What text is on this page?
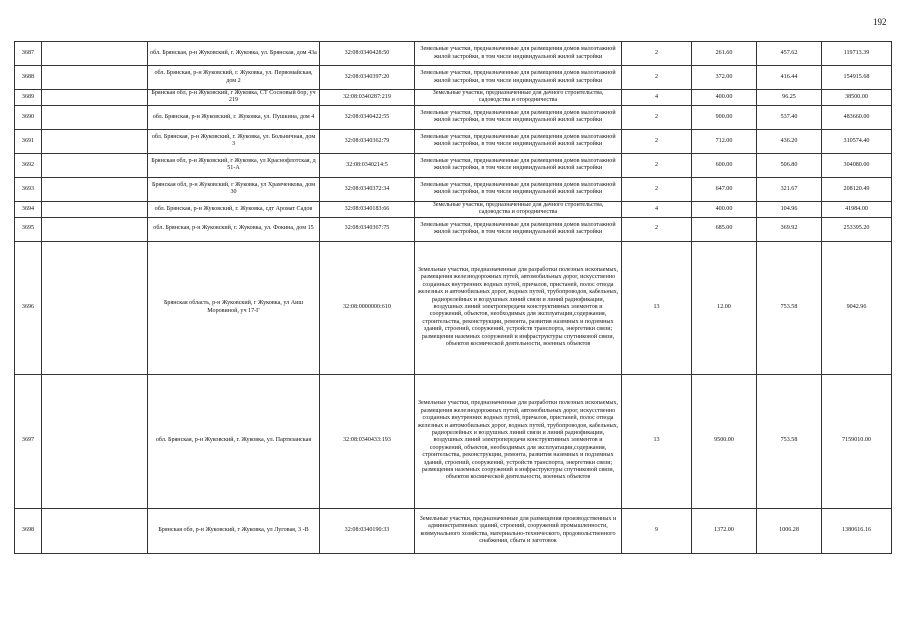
192
3687		обл. Брянская, р-н Жуковский, г. Жуковка, ул. Брянская, дом 43а	32:08:0340428:50	Земельные участки, предназначенные для размещения домов малоэтажной жилой застройки, в том числе индивидуальной жилой застройки	2	261.60	457.62	119713.39
3688		обл. Брянская, р-н Жуковский, г. Жуковка, ул. Первомайская, дом 2	32:08:0340397:20	Земельные участки, предназначенные для размещения домов малоэтажной жилой застройки, в том числе индивидуальной жилой застройки	2	372.00	416.44	154915.68
3689		Брянская обл, р-н Жуковский, г Жуковка, СТ Сосновый бор, уч 219	32:08:0340287:219	Земельные участки, предназначенные для дачного строительства, садоводства и огородничества	4	400.00	96.25	38500.00
3690		обл. Брянская, р-н Жуковский, г. Жуковка, ул. Пушкина, дом 4	32:08:0340422:55	Земельные участки, предназначенные для размещения домов малоэтажной жилой застройки, в том числе индивидуальной жилой застройки	2	900.00	537.40	483660.00
3691		обл. Брянская, р-н Жуковский, г. Жуковка, ул. Больничная, дом 3	32:08:0340362:79	Земельные участки, предназначенные для размещения домов малоэтажной жилой застройки, в том числе индивидуальной жилой застройки	2	712.00	436.20	310574.40
3692		Брянская обл, р-н Жуковский, г Жуковка, ул Краснофлотская, д 51-А	32:08:0340214:5	Земельные участки, предназначенные для размещения домов малоэтажной жилой застройки, в том числе индивидуальной жилой застройки	2	600.00	506.80	304080.00
3693		Брянская обл, р-н Жуковский, г Жуковка, ул Храмченкова, дом 30	32:08:0340372:34	Земельные участки, предназначенные для размещения домов малоэтажной жилой застройки, в том числе индивидуальной жилой застройки	2	647.00	321.67	208120.49
3694		обл. Брянская, р-н Жуковский, г. Жуковка, сдт Аромат Садов	32:08:0340183:66	Земельные участки, предназначенные для дачного строительства, садоводства и огородничества	4	400.00	104.96	41984.00
3695		обл. Брянская, р-н Жуковский, г. Жуковка, ул. Фокина, дом 15	32:08:0340367:75	Земельные участки, предназначенные для размещения домов малоэтажной жилой застройки, в том числе индивидуальной жилой застройки	2	685.00	369.92	253395.20
3696		Брянская область, р-н Жуковский, г Жуковка, ул Аиш Моровиной, уч 17-Г	32:08:0000000:610	Земельные участки, предназначенные для разработки полезных ископаемых, размещения железнодорожных путей, автомобильных дорог, искусственно созданных внутренних водных путей, причалов, пристаней, полос отвода железных и автомобильных дорог, водных путей, трубопроводов, кабельных, радиорелейных и воздушных линий связи и линий радиофикации, воздушных линий электропередачи конструктивных элементов и сооружений, объектов, необходимых для эксплуатации,содержания, строительства, реконструкции, ремонта, развития наземных и подземных зданий, строений, сооружений, устройств транспорта, энергетики связи; размещения наземных сооружений и инфраструктуры спутниковой связи, объектов космической деятельности, военных объектов	13	12.00	753.58	9042.96
3697		обл. Брянская, р-н Жуковский, г. Жуковка, ул. Партизанская	32:08:0340433:193	Земельные участки, предназначенные для разработки полезных ископаемых, размещения железнодорожных путей, автомобильных дорог, искусственно созданных внутренних водных путей, причалов, пристаней, полос отвода железных и автомобильных дорог, водных путей, трубопроводов, кабельных, радиорелейных и воздушных линий связи и линий радиофикации, воздушных линий электропередачи конструктивных элементов и сооружений, объектов, необходимых для эксплуатации,содержания, строительства, реконструкции, ремонта, развития наземных и подземных зданий, строений, сооружений, устройств транспорта, энергетики связи; размещения наземных сооружений и инфраструктуры спутниковой связи, объектов космической деятельности, военных объектов	13	9500.00	753.58	7159010.00
3698		Брянская обл, р-н Жуковский, г Жуковка, ул Луговая, 3 -В	32:08:0340190:33	Земельные участки, предназначенные для размещения производственных и административных зданий, строений, сооружений промышленности, коммунального хозяйства, материально-технического, продовольственного снабжения, сбыта и заготовок	9	1372.00	1006.28	1380616.16
